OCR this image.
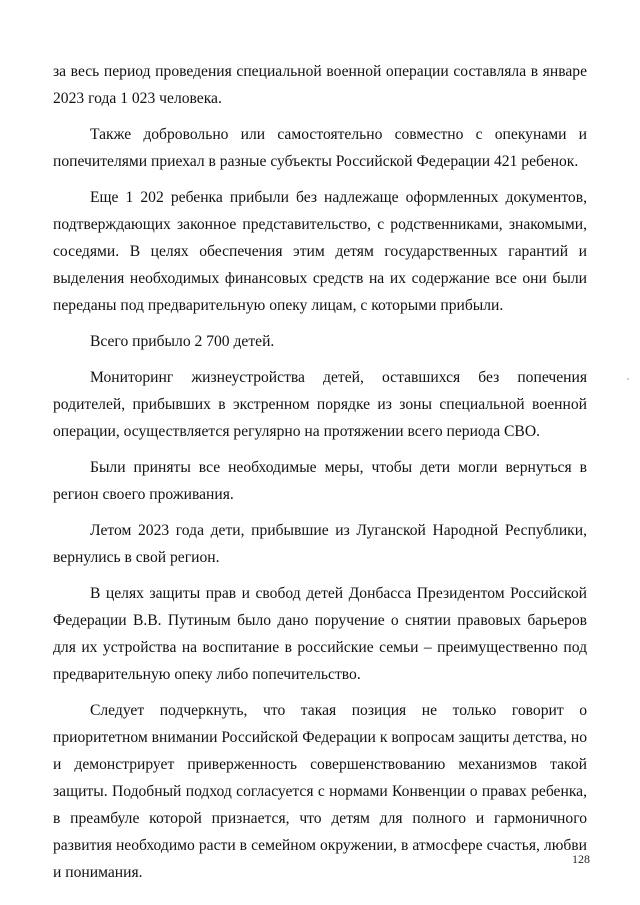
за весь период проведения специальной военной операции составляла в январе 2023 года 1 023 человека.

Также добровольно или самостоятельно совместно с опекунами и попечителями приехал в разные субъекты Российской Федерации 421 ребенок.

Еще 1 202 ребенка прибыли без надлежаще оформленных документов, подтверждающих законное представительство, с родственниками, знакомыми, соседями. В целях обеспечения этим детям государственных гарантий и выделения необходимых финансовых средств на их содержание все они были переданы под предварительную опеку лицам, с которыми прибыли.

Всего прибыло 2 700 детей.

Мониторинг жизнеустройства детей, оставшихся без попечения родителей, прибывших в экстренном порядке из зоны специальной военной операции, осуществляется регулярно на протяжении всего периода СВО.

Были приняты все необходимые меры, чтобы дети могли вернуться в регион своего проживания.

Летом 2023 года дети, прибывшие из Луганской Народной Республики, вернулись в свой регион.

В целях защиты прав и свобод детей Донбасса Президентом Российской Федерации В.В. Путиным было дано поручение о снятии правовых барьеров для их устройства на воспитание в российские семьи – преимущественно под предварительную опеку либо попечительство.

Следует подчеркнуть, что такая позиция не только говорит о приоритетном внимании Российской Федерации к вопросам защиты детства, но и демонстрирует приверженность совершенствованию механизмов такой защиты. Подобный подход согласуется с нормами Конвенции о правах ребенка, в преамбуле которой признается, что детям для полного и гармоничного развития необходимо расти в семейном окружении, в атмосфере счастья, любви и понимания.

128
